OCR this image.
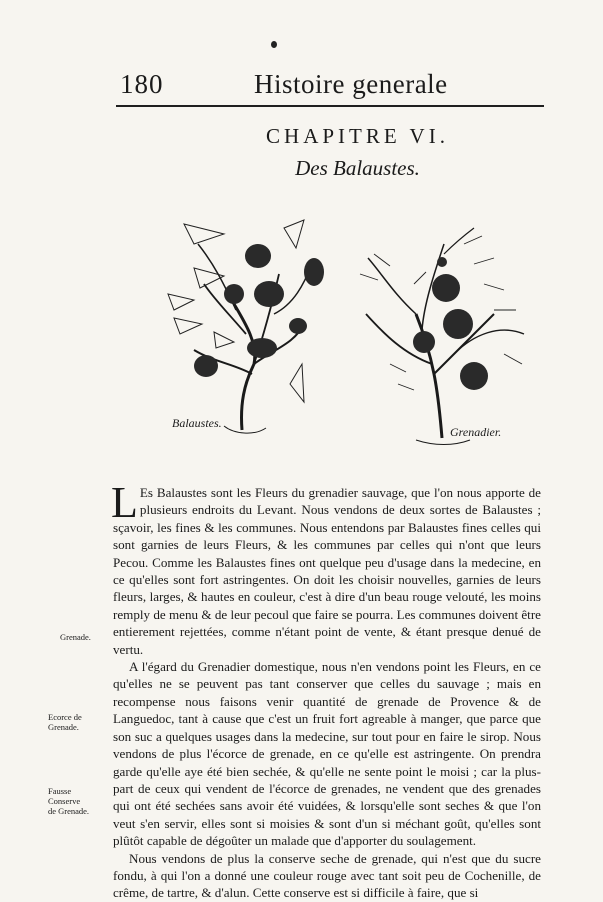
180	Histoire generale
CHAPITRE VI.
Des Balaustes.
Balaustes.
Grenadier.

L Es Balaustes sont les Fleurs du grenadier sauvage, que l'on nous apporte de plusieurs endroits du Levant. Nous vendons de deux sortes de Balaustes ; sçavoir, les fines & les communes. Nous entendons par Balaustes fines celles qui sont garnies de leurs Fleurs, & les communes par celles qui n'ont que leurs Pecou. Comme les Balaustes fines ont quelque peu d'usage dans la medecine, en ce qu'elles sont fort astringentes. On doit les choisir nouvelles, garnies de leurs fleurs, larges, & hautes en couleur, c'est à dire d'un beau rouge velouté, les moins remply de menu & de leur pecoul que faire se pourra. Les communes doivent être entierement rejettées, comme n'étant point de vente, & étant presque denué de vertu.

A l'égard du Grenadier domestique, nous n'en vendons point les Fleurs, en ce qu'elles ne se peuvent pas tant conserver que celles du sauvage ; mais en recompense nous faisons venir quantité de grenade de Provence & de Languedoc, tant à cause que c'est un fruit fort agreable à manger, que parce que son suc a quelques usages dans la medecine, sur tout pour en faire le sirop. Nous vendons de plus l'écorce de grenade, en ce qu'elle est astringente. On prendra garde qu'elle aye été bien sechée, & qu'elle ne sente point le moisi ; car la plus-part de ceux qui vendent de l'écorce de grenades, ne vendent que des grenades qui ont été sechées sans avoir été vuidées, & lorsqu'elle sont seches & que l'on veut s'en servir, elles sont si moisies & sont d'un si méchant goût, qu'elles sont plûtôt capable de dégoûter un malade que d'apporter du soulagement.

Nous vendons de plus la conserve seche de grenade, qui n'est que du sucre fondu, à qui l'on a donné une couleur rouge avec tant soit peu de Cochenille, de crême, de tartre, & d'alun. Cette conserve est si difficile à faire, que si

Grenade.
Ecorce de
Grenade.
Fausse
Conserve
de Grenade.
